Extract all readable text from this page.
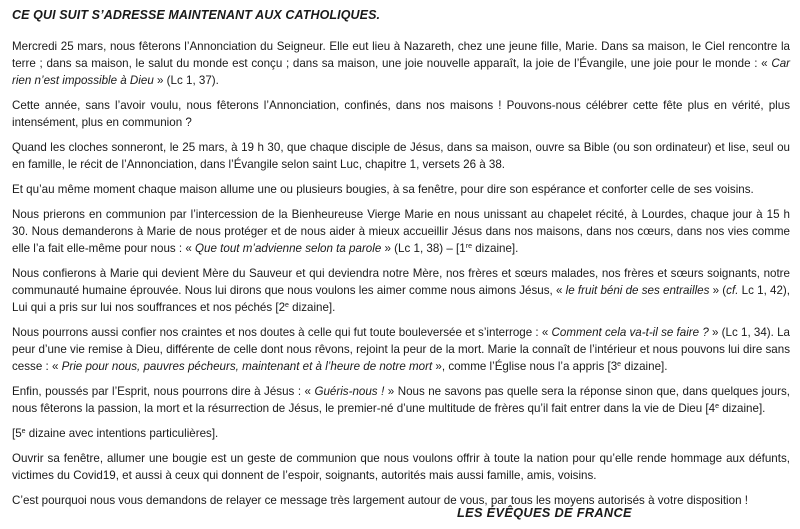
CE QUI SUIT S’ADRESSE MAINTENANT AUX CATHOLIQUES.

Mercredi 25 mars, nous fêterons l’Annonciation du Seigneur. Elle eut lieu à Nazareth, chez une jeune fille, Marie. Dans sa maison, le Ciel rencontre la terre ; dans sa maison, le salut du monde est conçu ; dans sa maison, une joie nouvelle apparaît, la joie de l’Évangile, une joie pour le monde : « Car rien n’est impossible à Dieu » (Lc 1, 37).

Cette année, sans l’avoir voulu, nous fêterons l’Annonciation, confinés, dans nos maisons ! Pouvons-nous célébrer cette fête plus en vérité, plus intensément, plus en communion ?

Quand les cloches sonneront, le 25 mars, à 19 h 30, que chaque disciple de Jésus, dans sa maison, ouvre sa Bible (ou son ordinateur) et lise, seul ou en famille, le récit de l’Annonciation, dans l’Évangile selon saint Luc, chapitre 1, versets 26 à 38.

Et qu’au même moment chaque maison allume une ou plusieurs bougies, à sa fenêtre, pour dire son espérance et conforter celle de ses voisins.

Nous prierons en communion par l’intercession de la Bienheureuse Vierge Marie en nous unissant au chapelet récité, à Lourdes, chaque jour à 15 h 30. Nous demanderons à Marie de nous protéger et de nous aider à mieux accueillir Jésus dans nos maisons, dans nos cœurs, dans nos vies comme elle l’a fait elle-même pour nous : « Que tout m’advienne selon ta parole » (Lc 1, 38) – [1re dizaine].

Nous confierons à Marie qui devient Mère du Sauveur et qui deviendra notre Mère, nos frères et sœurs malades, nos frères et sœurs soignants, notre communauté humaine éprouvée. Nous lui dirons que nous voulons les aimer comme nous aimons Jésus, « le fruit béni de ses entrailles » (cf. Lc 1, 42), Lui qui a pris sur lui nos souffrances et nos péchés [2e dizaine].

Nous pourrons aussi confier nos craintes et nos doutes à celle qui fut toute bouleversée et s’interroge : « Comment cela va-t-il se faire ? » (Lc 1, 34). La peur d’une vie remise à Dieu, différente de celle dont nous rêvons, rejoint la peur de la mort. Marie la connaît de l’intérieur et nous pouvons lui dire sans cesse : « Prie pour nous, pauvres pécheurs, maintenant et à l’heure de notre mort », comme l’Église nous l’a appris [3e dizaine].

Enfin, poussés par l’Esprit, nous pourrons dire à Jésus : « Guéris-nous ! » Nous ne savons pas quelle sera la réponse sinon que, dans quelques jours, nous fêterons la passion, la mort et la résurrection de Jésus, le premier-né d’une multitude de frères qu’il fait entrer dans la vie de Dieu [4e dizaine].

[5e dizaine avec intentions particulières].

Ouvrir sa fenêtre, allumer une bougie est un geste de communion que nous voulons offrir à toute la nation pour qu’elle rende hommage aux défunts, victimes du Covid19, et aussi à ceux qui donnent de l’espoir, soignants, autorités mais aussi famille, amis, voisins.

C’est pourquoi nous vous demandons de relayer ce message très largement autour de vous, par tous les moyens autorisés à votre disposition !

LES ÉVÊQUES DE FRANCE
